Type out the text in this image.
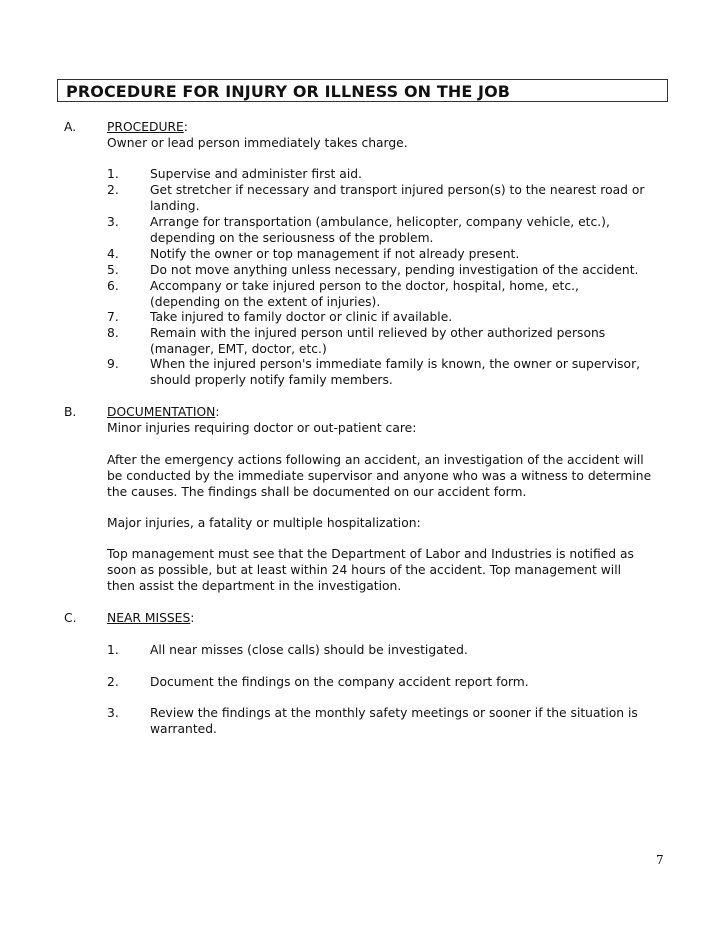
PROCEDURE FOR INJURY OR ILLNESS ON THE JOB
A.	PROCEDURE:
Owner or lead person immediately takes charge.
1.	Supervise and administer first aid.
2.	Get stretcher if necessary and transport injured person(s) to the nearest road or
landing.
3.	Arrange for transportation (ambulance, helicopter, company vehicle, etc.),
depending on the seriousness of the problem.
4.	Notify the owner or top management if not already present.
5.	Do not move anything unless necessary, pending investigation of the accident.
6.	Accompany or take injured person to the doctor, hospital, home, etc.,
(depending on the extent of injuries).
7.	Take injured to family doctor or clinic if available.
8.	Remain with the injured person until relieved by other authorized persons
(manager, EMT, doctor, etc.)
9.	When the injured person's immediate family is known, the owner or supervisor,
should properly notify family members.
B. DOCUMENTATION:
Minor injuries requiring doctor or out-patient care:
After the emergency actions following an accident, an investigation of the accident will
be conducted by the immediate supervisor and anyone who was a witness to determine
the causes. The findings shall be documented on our accident form.
Major injuries, a fatality or multiple hospitalization:
Top management must see that the Department of Labor and Industries is notified as
soon as possible, but at least within 24 hours of the accident. Top management will
then assist the department in the investigation.
C. NEAR MISSES:
1.	All near misses (close calls) should be investigated.
2.	Document the findings on the company accident report form.
3.	Review the findings at the monthly safety meetings or sooner if the situation is
warranted.
7
